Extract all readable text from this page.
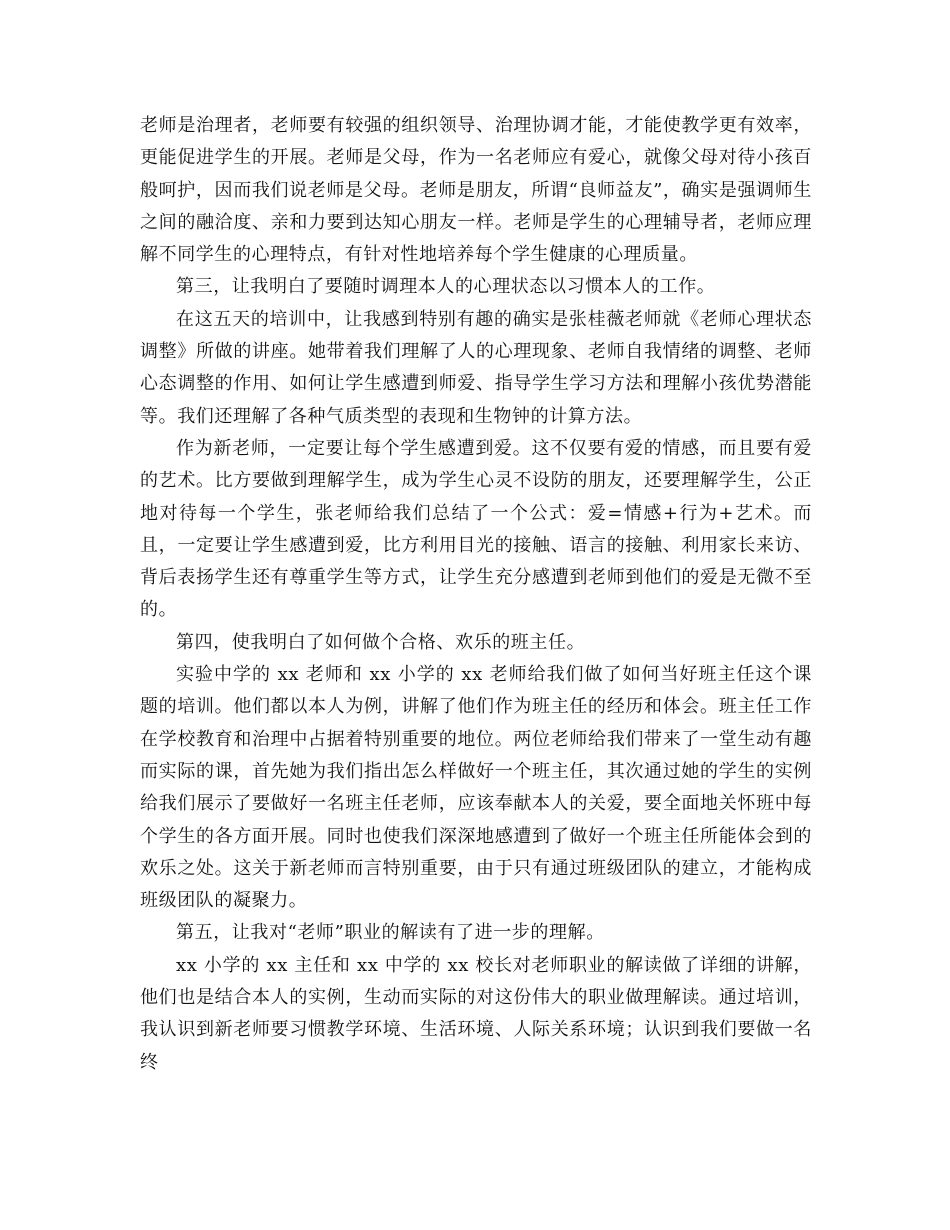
老师是治理者，老师要有较强的组织领导、治理协调才能，才能使教学更有效率，更能促进学生的开展。老师是父母，作为一名老师应有爱心，就像父母对待小孩百般呵护，因而我们说老师是父母。老师是朋友，所谓“良师益友”，确实是强调师生之间的融洽度、亲和力要到达知心朋友一样。老师是学生的心理辅导者，老师应理解不同学生的心理特点，有针对性地培养每个学生健康的心理质量。

第三，让我明白了要随时调理本人的心理状态以习惯本人的工作。

在这五天的培训中，让我感到特别有趣的确实是张桂薇老师就《老师心理状态调整》所做的讲座。她带着我们理解了人的心理现象、老师自我情绪的调整、老师心态调整的作用、如何让学生感遭到师爱、指导学生学习方法和理解小孩优势潜能等。我们还理解了各种气质类型的表现和生物钟的计算方法。

作为新老师，一定要让每个学生感遭到爱。这不仅要有爱的情感，而且要有爱的艺术。比方要做到理解学生，成为学生心灵不设防的朋友，还要理解学生，公正地对待每一个学生，张老师给我们总结了一个公式：爱=情感+行为+艺术。而且，一定要让学生感遭到爱，比方利用目光的接触、语言的接触、利用家长来访、背后表扬学生还有尊重学生等方式，让学生充分感遭到老师到他们的爱是无微不至的。

第四，使我明白了如何做个合格、欢乐的班主任。

实验中学的 xx 老师和 xx 小学的 xx 老师给我们做了如何当好班主任这个课题的培训。他们都以本人为例，讲解了他们作为班主任的经历和体会。班主任工作在学校教育和治理中占据着特别重要的地位。两位老师给我们带来了一堂生动有趣而实际的课，首先她为我们指出怎么样做好一个班主任，其次通过她的学生的实例给我们展示了要做好一名班主任老师，应该奉献本人的关爱，要全面地关怀班中每个学生的各方面开展。同时也使我们深深地感遭到了做好一个班主任所能体会到的欢乐之处。这关于新老师而言特别重要，由于只有通过班级团队的建立，才能构成班级团队的凝聚力。

第五，让我对“老师”职业的解读有了进一步的理解。

xx 小学的 xx 主任和 xx 中学的 xx 校长对老师职业的解读做了详细的讲解，他们也是结合本人的实例，生动而实际的对这份伟大的职业做理解读。通过培训，我认识到新老师要习惯教学环境、生活环境、人际关系环境；认识到我们要做一名终
